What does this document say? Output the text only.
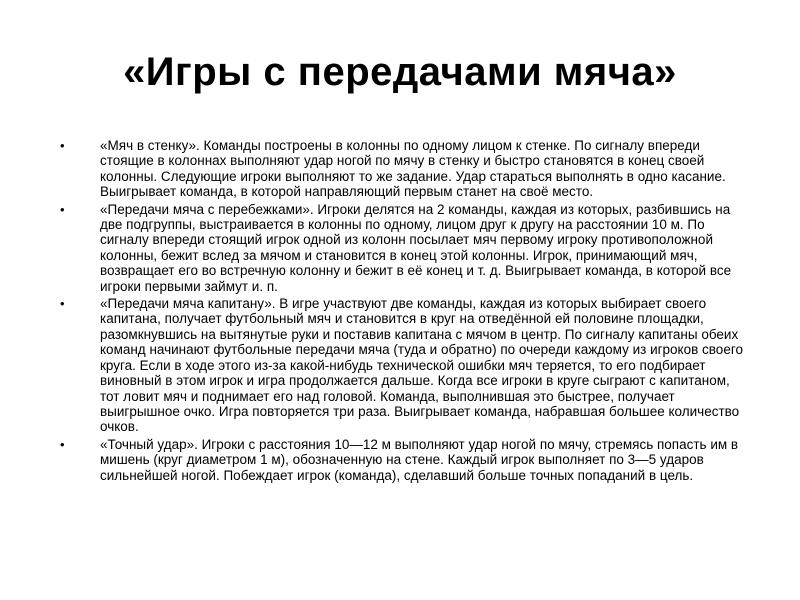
«Игры с передачами мяча»
•	«Мяч в стенку». Команды построены в колонны по одному лицом к стенке. По сигналу впереди стоящие в колоннах выполняют удар ногой по мячу в стенку и быстро становятся в конец своей колонны. Следующие игроки выполняют то же задание. Удар стараться выполнять в одно касание. Выигрывает команда, в которой направляющий первым станет на своё место.
•	«Передачи мяча с перебежками». Игроки делятся на 2 команды, каждая из которых, разбившись на две подгруппы, выстраивается в колонны по одному, лицом друг к другу на расстоянии 10 м. По сигналу впереди стоящий игрок одной из колонн посылает мяч первому игроку противоположной колонны, бежит вслед за мячом и становится в конец этой колонны. Игрок, принимающий мяч, возвращает его во встречную колонну и бежит в её конец и т. д. Выигрывает команда, в которой все игроки первыми займут и. п.
•	«Передачи мяча капитану». В игре участвуют две команды, каждая из которых выбирает своего капитана, получает футбольный мяч и становится в круг на отведённой ей половине площадки, разомкнувшись на вытянутые руки и поставив капитана с мячом в центр. По сигналу капитаны обеих команд начинают футбольные передачи мяча (туда и обратно) по очереди каждому из игроков своего круга. Если в ходе этого из-за какой-нибудь технической ошибки мяч теряется, то его подбирает виновный в этом игрок и игра продолжается дальше. Когда все игроки в круге сыграют с капитаном, тот ловит мяч и поднимает его над головой. Команда, выполнившая это быстрее, получает выигрышное очко. Игра повторяется три раза. Выигрывает команда, набравшая большее количество очков.
•	«Точный удар». Игроки с расстояния 10—12 м выполняют удар ногой по мячу, стремясь попасть им в мишень (круг диаметром 1 м), обозначенную на стене. Каждый игрок выполняет по 3—5 ударов сильнейшей ногой. Побеждает игрок (команда), сделавший больше точных попаданий в цель.
